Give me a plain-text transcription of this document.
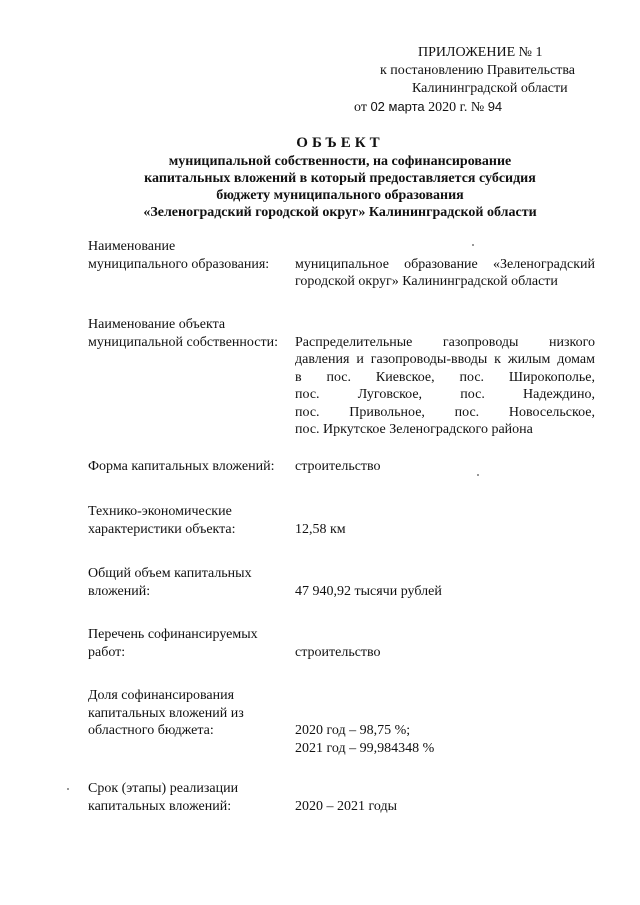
ПРИЛОЖЕНИЕ № 1
к постановлению Правительства
Калининградской области
от 02 марта 2020 г. № 94
ОБЪЕКТ
муниципальной собственности, на софинансирование
капитальных вложений в который предоставляется субсидия
бюджету муниципального образования
«Зеленоградский городской округ» Калининградской области
Наименование
муниципального образования:	муниципальное образование «Зеленоградский
городской округ» Калининградской области
Наименование объекта
муниципальной собственности:	Распределительные газопроводы низкого
давления и газопроводы-вводы к жилым домам
в пос. Киевское, пос. Широкополье,
пос. Луговское, пос. Надеждино,
пос. Привольное, пос. Новосельское,
пос. Иркутское Зеленоградского района
Форма капитальных вложений:	строительство
Технико-экономические
характеристики объекта:	12,58 км
Общий объем капитальных
вложений:	47 940,92 тысячи рублей
Перечень софинансируемых
работ:	строительство
Доля софинансирования
капитальных вложений из
областного бюджета:	2020 год – 98,75 %;
2021 год – 99,984348 %
Срок (этапы) реализации
капитальных вложений:	2020 – 2021 годы
